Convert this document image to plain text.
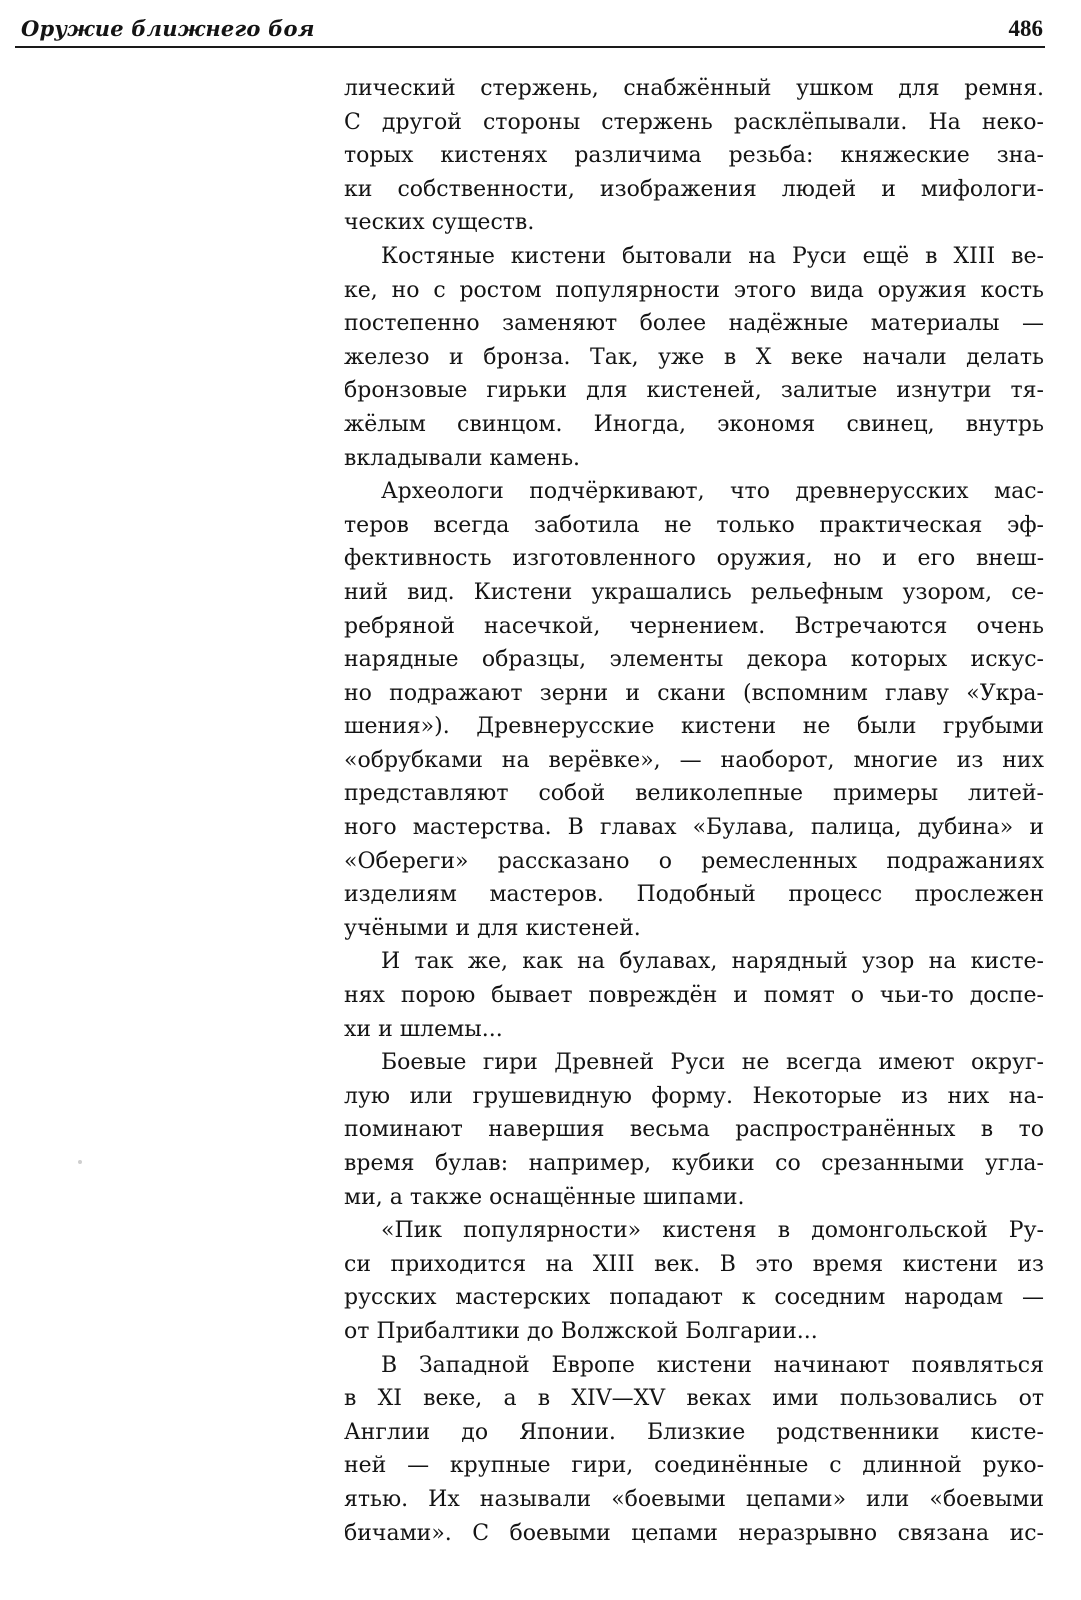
Оружие ближнего боя	486
лический стержень, снабжённый ушком для ремня.
С другой стороны стержень расклёпывали. На неко-
торых кистенях различима резьба: княжеские зна-
ки собственности, изображения людей и мифологи-
ческих существ.
Костяные кистени бытовали на Руси ещё в XIII ве-
ке, но с ростом популярности этого вида оружия кость
постепенно заменяют более надёжные материалы —
железо и бронза. Так, уже в X веке начали делать
бронзовые гирьки для кистеней, залитые изнутри тя-
жёлым свинцом. Иногда, экономя свинец, внутрь
вкладывали камень.
Археологи подчёркивают, что древнерусских мас-
теров всегда заботила не только практическая эф-
фективность изготовленного оружия, но и его внеш-
ний вид. Кистени украшались рельефным узором, се-
ребряной насечкой, чернением. Встречаются очень
нарядные образцы, элементы декора которых искус-
но подражают зерни и скани (вспомним главу «Укра-
шения»). Древнерусские кистени не были грубыми
«обрубками на верёвке», — наоборот, многие из них
представляют собой великолепные примеры литей-
ного мастерства. В главах «Булава, палица, дубина» и
«Обереги» рассказано о ремесленных подражаниях
изделиям мастеров. Подобный процесс прослежен
учёными и для кистеней.
И так же, как на булавах, нарядный узор на кисте-
нях порою бывает повреждён и помят о чьи-то доспе-
хи и шлемы...
Боевые гири Древней Руси не всегда имеют округ-
лую или грушевидную форму. Некоторые из них на-
поминают навершия весьма распространённых в то
время булав: например, кубики со срезанными угла-
ми, а также оснащённые шипами.
«Пик популярности» кистеня в домонгольской Ру-
си приходится на XIII век. В это время кистени из
русских мастерских попадают к соседним народам —
от Прибалтики до Волжской Болгарии...
В Западной Европе кистени начинают появляться
в XI веке, а в XIV—XV веках ими пользовались от
Англии до Японии. Близкие родственники кисте-
ней — крупные гири, соединённые с длинной руко-
ятью. Их называли «боевыми цепами» или «боевыми
бичами». С боевыми цепами неразрывно связана ис-
